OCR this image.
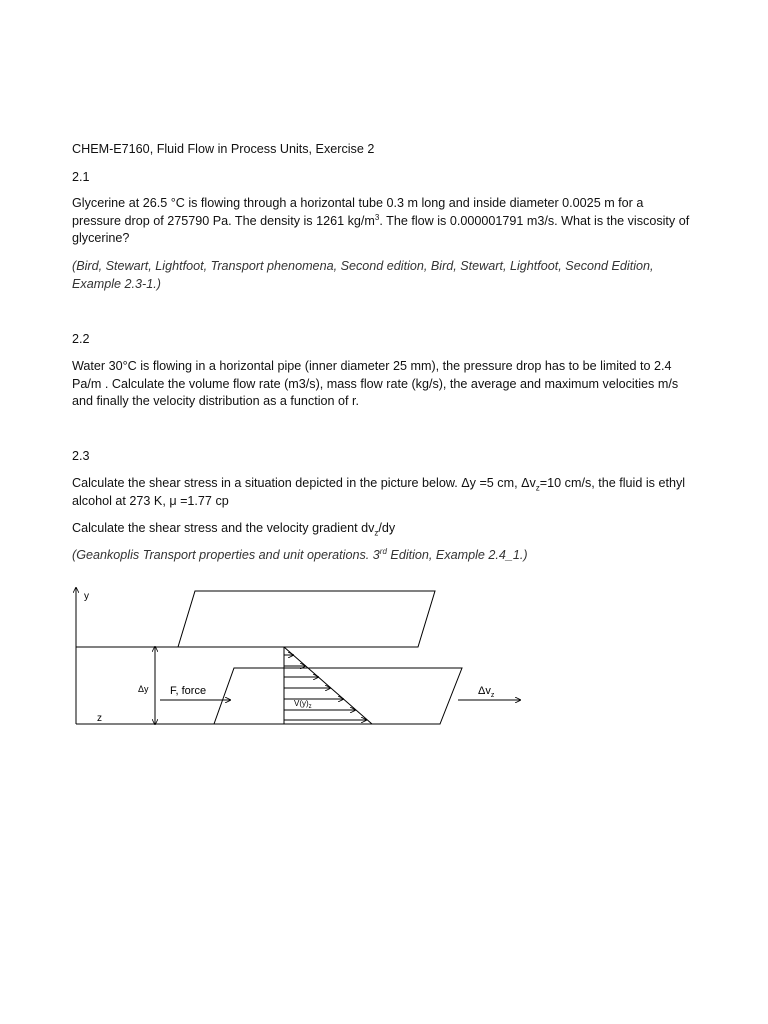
CHEM-E7160, Fluid Flow in Process Units, Exercise 2

2.1

Glycerine at 26.5 °C is flowing through a horizontal tube 0.3 m long and inside diameter 0.0025 m for a pressure drop of 275790 Pa. The density is 1261 $kg/m^3$. The flow is 0.000001791 m3/s. What is the viscosity of glycerine?

(Bird, Stewart, Lightfoot, Transport phenomena, Second edition, Bird, Stewart, Lightfoot, Second Edition, Example 2.3-1.)

2.2

Water 30°C is flowing in a horizontal pipe (inner diameter 25 mm), the pressure drop has to be limited to 2.4 Pa/m . Calculate the volume flow rate (m3/s), mass flow rate (kg/s), the average and maximum velocities m/s and finally the velocity distribution as a function of r.

2.3

Calculate the shear stress in a situation depicted in the picture below. Δy =5 cm, $\Delta v_z=10$ cm/s, the fluid is ethyl alcohol at 273 K, μ =1.77 cp

Calculate the shear stress and the velocity gradient $dv_z/dy$

(Geankoplis Transport properties and unit operations. 3rd Edition, Example 2.4_1.)

y
z
Δy F, force
$V(y)_z$
$\Delta v_z$
